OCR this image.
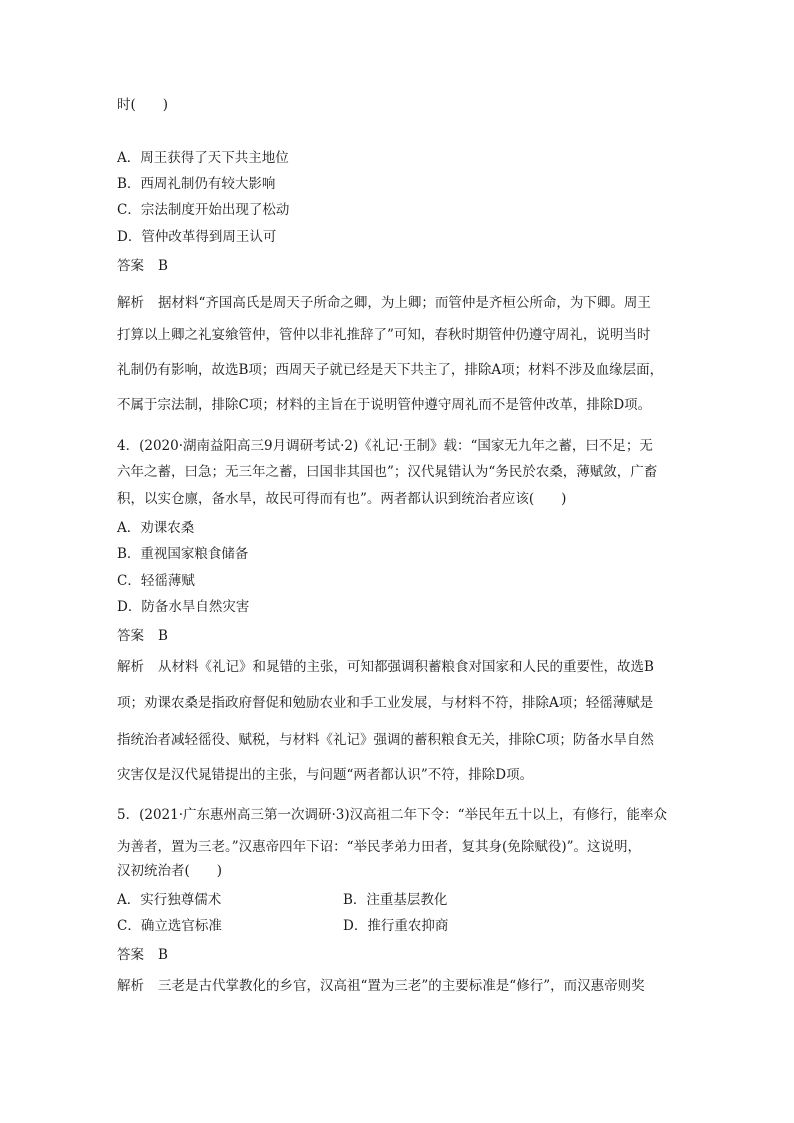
时(　　)
A．周王获得了天下共主地位
B．西周礼制仍有较大影响
C．宗法制度开始出现了松动
D．管仲改革得到周王认可
答案 B
解析 据材料“齐国高氏是周天子所命之卿，为上卿；而管仲是齐桓公所命，为下卿。周王
打算以上卿之礼宴飨管仲，管仲以非礼推辞了”可知，春秋时期管仲仍遵守周礼，说明当时
礼制仍有影响，故选B项；西周天子就已经是天下共主了，排除A项；材料不涉及血缘层面，
不属于宗法制，排除C项；材料的主旨在于说明管仲遵守周礼而不是管仲改革，排除D项。
4．(2020·湖南益阳高三9月调研考试·2)《礼记·王制》载：“国家无九年之蓄，曰不足；无
六年之蓄，曰急；无三年之蓄，曰国非其国也”；汉代晁错认为“务民於农桑，薄赋敛，广畜
积，以实仓廪，备水旱，故民可得而有也”。两者都认识到统治者应该(　　)
A．劝课农桑
B．重视国家粮食储备
C．轻徭薄赋
D．防备水旱自然灾害
答案 B
解析 从材料《礼记》和晁错的主张，可知都强调积蓄粮食对国家和人民的重要性，故选B
项；劝课农桑是指政府督促和勉励农业和手工业发展，与材料不符，排除A项；轻徭薄赋是
指统治者减轻徭役、赋税，与材料《礼记》强调的蓄积粮食无关，排除C项；防备水旱自然
灾害仅是汉代晁错提出的主张，与问题“两者都认识”不符，排除D项。
5．(2021·广东惠州高三第一次调研·3)汉高祖二年下令：“举民年五十以上，有修行，能率众
为善者，置为三老。”汉惠帝四年下诏：“举民孝弟力田者，复其身(免除赋役)”。这说明，
汉初统治者(　　)
A．实行独尊儒术	B．注重基层教化
C．确立选官标准	D．推行重农抑商
答案 B
解析 三老是古代掌教化的乡官，汉高祖“置为三老”的主要标准是“修行”，而汉惠帝则奖
